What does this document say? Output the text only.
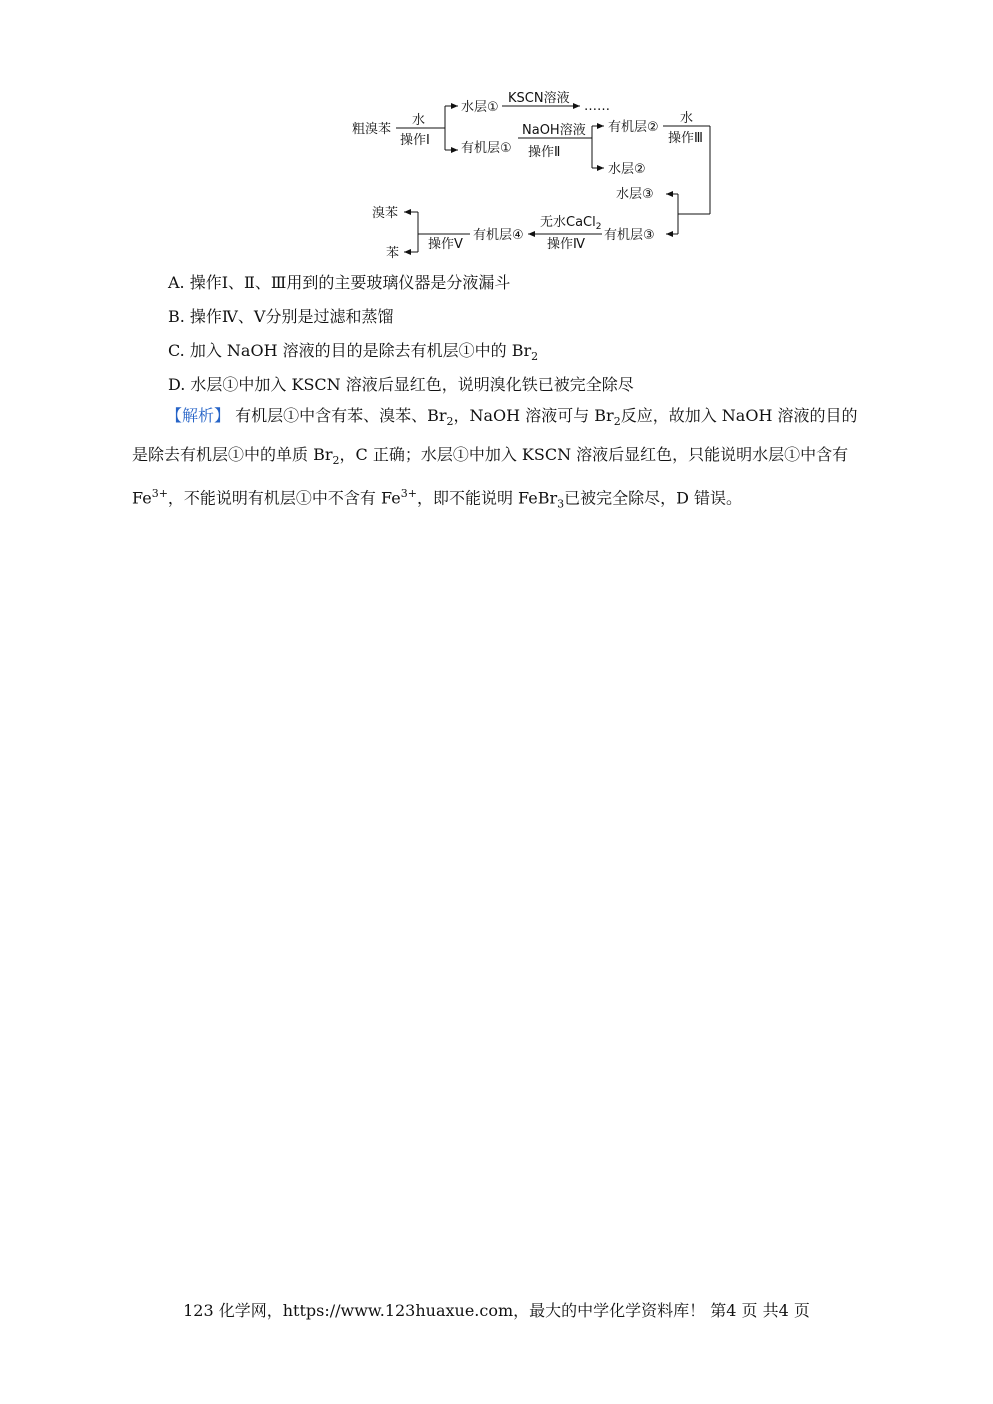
粗溴苯
水
操作Ⅰ
水层①
KSCN溶液
……
有机层①
NaOH溶液
操作Ⅱ
有机层②
水
操作Ⅲ
水层②
水层③
有机层③
无水CaCl$_2$
操作Ⅳ
有机层④
操作Ⅴ
溴苯
苯
A. 操作Ⅰ、Ⅱ、Ⅲ用到的主要玻璃仪器是分液漏斗
B. 操作Ⅳ、Ⅴ分别是过滤和蒸馏
C. 加入 NaOH 溶液的目的是除去有机层①中的 $Br_2$
D. 水层①中加入 KSCN 溶液后显红色，说明溴化铁已被完全除尽
【解析】 有机层①中含有苯、溴苯、$Br_2$，NaOH 溶液可与 $Br_2$反应，故加入 NaOH 溶液的目的
是除去有机层①中的单质 $Br_2$，C 正确；水层①中加入 KSCN 溶液后显红色，只能说明水层①中含有
$Fe^{3+}$，不能说明有机层①中不含有 $Fe^{3+}$，即不能说明 FeBr$_3$已被完全除尽，D 错误。
123 化学网，https://www.123huaxue.com，最大的中学化学资料库！ 第4 页 共4 页
